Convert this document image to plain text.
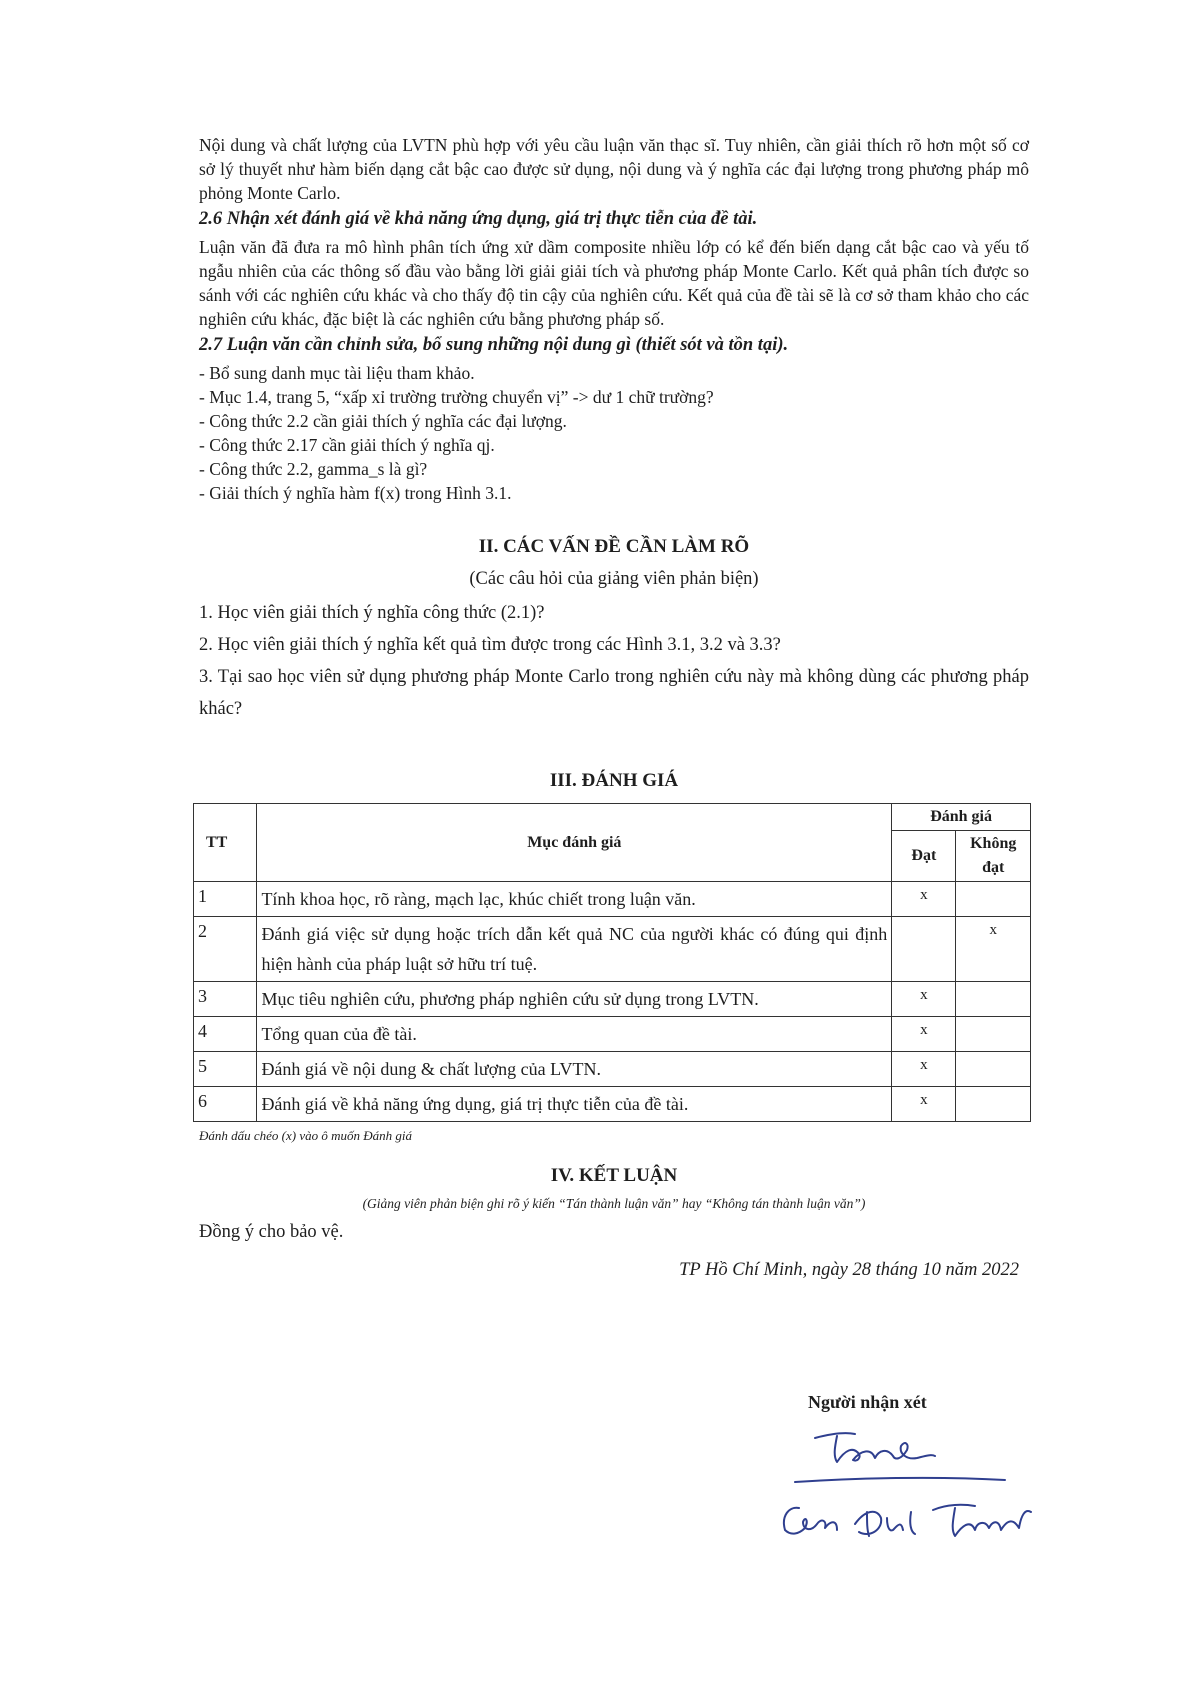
Nội dung và chất lượng của LVTN phù hợp với yêu cầu luận văn thạc sĩ. Tuy nhiên, cần giải thích rõ hơn một số cơ sở lý thuyết như hàm biến dạng cắt bậc cao được sử dụng, nội dung và ý nghĩa các đại lượng trong phương pháp mô phỏng Monte Carlo.

2.6 Nhận xét đánh giá về khả năng ứng dụng, giá trị thực tiễn của đề tài.

Luận văn đã đưa ra mô hình phân tích ứng xử dầm composite nhiều lớp có kể đến biến dạng cắt bậc cao và yếu tố ngẫu nhiên của các thông số đầu vào bằng lời giải giải tích và phương pháp Monte Carlo. Kết quả phân tích được so sánh với các nghiên cứu khác và cho thấy độ tin cậy của nghiên cứu. Kết quả của đề tài sẽ là cơ sở tham khảo cho các nghiên cứu khác, đặc biệt là các nghiên cứu bằng phương pháp số.

2.7 Luận văn cần chỉnh sửa, bổ sung những nội dung gì (thiết sót và tồn tại).

- Bổ sung danh mục tài liệu tham khảo.
- Mục 1.4, trang 5, “xấp xỉ trường trường chuyển vị” -> dư 1 chữ trường?
- Công thức 2.2 cần giải thích ý nghĩa các đại lượng.
- Công thức 2.17 cần giải thích ý nghĩa qj.
- Công thức 2.2, gamma_s là gì?
- Giải thích ý nghĩa hàm f(x) trong Hình 3.1.
II. CÁC VẤN ĐỀ CẦN LÀM RÕ
(Các câu hỏi của giảng viên phản biện)

1. Học viên giải thích ý nghĩa công thức (2.1)?

2. Học viên giải thích ý nghĩa kết quả tìm được trong các Hình 3.1, 3.2 và 3.3?

3. Tại sao học viên sử dụng phương pháp Monte Carlo trong nghiên cứu này mà không dùng các phương pháp khác?

III. ĐÁNH GIÁ
TT	Mục đánh giá	Đánh giá	
		Đạt	Không đạt
1	Tính khoa học, rõ ràng, mạch lạc, khúc chiết trong luận văn.	x	
2	Đánh giá việc sử dụng hoặc trích dẫn kết quả NC của người khác có đúng qui định hiện hành của pháp luật sở hữu trí tuệ.		x
3	Mục tiêu nghiên cứu, phương pháp nghiên cứu sử dụng trong LVTN.	x	
4	Tổng quan của đề tài.	x	
5	Đánh giá về nội dung & chất lượng của LVTN.	x	
6	Đánh giá về khả năng ứng dụng, giá trị thực tiễn của đề tài.	x	

Đánh dấu chéo (x) vào ô muốn Đánh giá

IV. KẾT LUẬN
(Giảng viên phản biện ghi rõ ý kiến “Tán thành luận văn” hay “Không tán thành luận văn”)

Đồng ý cho bảo vệ.

TP Hồ Chí Minh, ngày 28 tháng 10 năm 2022

Người nhận xét
